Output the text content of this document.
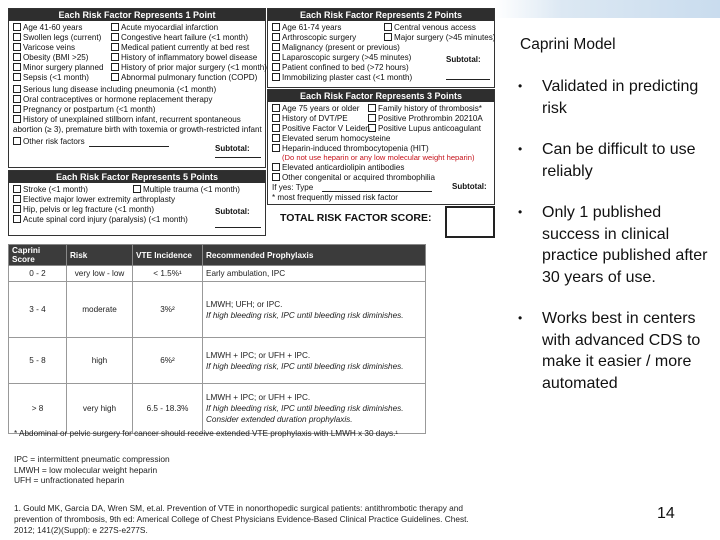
Each Risk Factor Represents 1 Point
Age 41-60 years
Swollen legs (current)
Varicose veins
Obesity (BMI >25)
Minor surgery planned
Sepsis (<1 month)
Acute myocardial infarction
Congestive heart failure (<1 month)
Medical patient currently at bed rest
History of inflammatory bowel disease
History of prior major surgery (<1 month)
Abnormal pulmonary function (COPD)
Serious lung disease including pneumonia (<1 month)
Oral contraceptives or hormone replacement therapy
Pregnancy or postpartum (<1 month)
History of unexplained stillborn infant, recurrent spontaneous
abortion (≥ 3), premature birth with toxemia or growth-restricted infant
Other risk factors
Subtotal:
Each Risk Factor Represents 2 Points
Age 61-74 years
Arthroscopic surgery
Malignancy (present or previous)
Laparoscopic surgery (>45 minutes)
Patient confined to bed (>72 hours)
Immobilizing plaster cast (<1 month)
Central venous access
Major surgery (>45 minutes)
Subtotal:
Each Risk Factor Represents 3 Points
Age 75 years or older
History of DVT/PE
Positive Factor V Leiden
Family history of thrombosis*
Positive Prothrombin 20210A
Positive Lupus anticoagulant
Elevated serum homocysteine
Heparin-induced thrombocytopenia (HIT)
(Do not use heparin or any low molecular weight heparin)
Elevated anticardiolipin antibodies
Other congenital or acquired thrombophilia
If yes: Type
* most frequently missed risk factor
Subtotal:
Each Risk Factor Represents 5 Points
Stroke (<1 month)
Elective major lower extremity arthroplasty
Hip, pelvis or leg fracture (<1 month)
Acute spinal cord injury (paralysis) (<1 month)
Multiple trauma (<1 month)
Subtotal:
TOTAL RISK FACTOR SCORE:
Caprini Score	Risk	VTE Incidence	Recommended Prophylaxis
0 - 2	very low - low	< 1.5%¹	Early ambulation, IPC
3 - 4	moderate	3%²	LMWH; UFH; or IPC.
If high bleeding risk, IPC until bleeding risk diminishes.

5 - 8	high	6%²	LMWH + IPC; or UFH + IPC.
If high bleeding risk, IPC until bleeding risk diminishes.

> 8	very high	6.5 - 18.3%	LMWH + IPC; or UFH + IPC.
If high bleeding risk, IPC until bleeding risk diminishes.
Consider extended duration prophylaxis.
* Abdominal or pelvic surgery for cancer should receive extended VTE prophylaxis with LMWH x 30 days.¹
IPC = intermittent pneumatic compression
LMWH = low molecular weight heparin
UFH = unfractionated heparin
1. Gould MK, Garcia DA, Wren SM, et.al. Prevention of VTE in nonorthopedic surgical patients: antithrombotic therapy and prevention of thrombosis, 9th ed: Americal College of Chest Physicians Evidence-Based Clinical Practice Guidelines. Chest. 2012; 141(2)(Suppl): e 227S-e277S.
Caprini Model
• Validated in predicting risk
• Can be difficult to use reliably
• Only 1 published success in clinical practice published after 30 years of use.
• Works best in centers with advanced CDS to make it easier / more automated
14
